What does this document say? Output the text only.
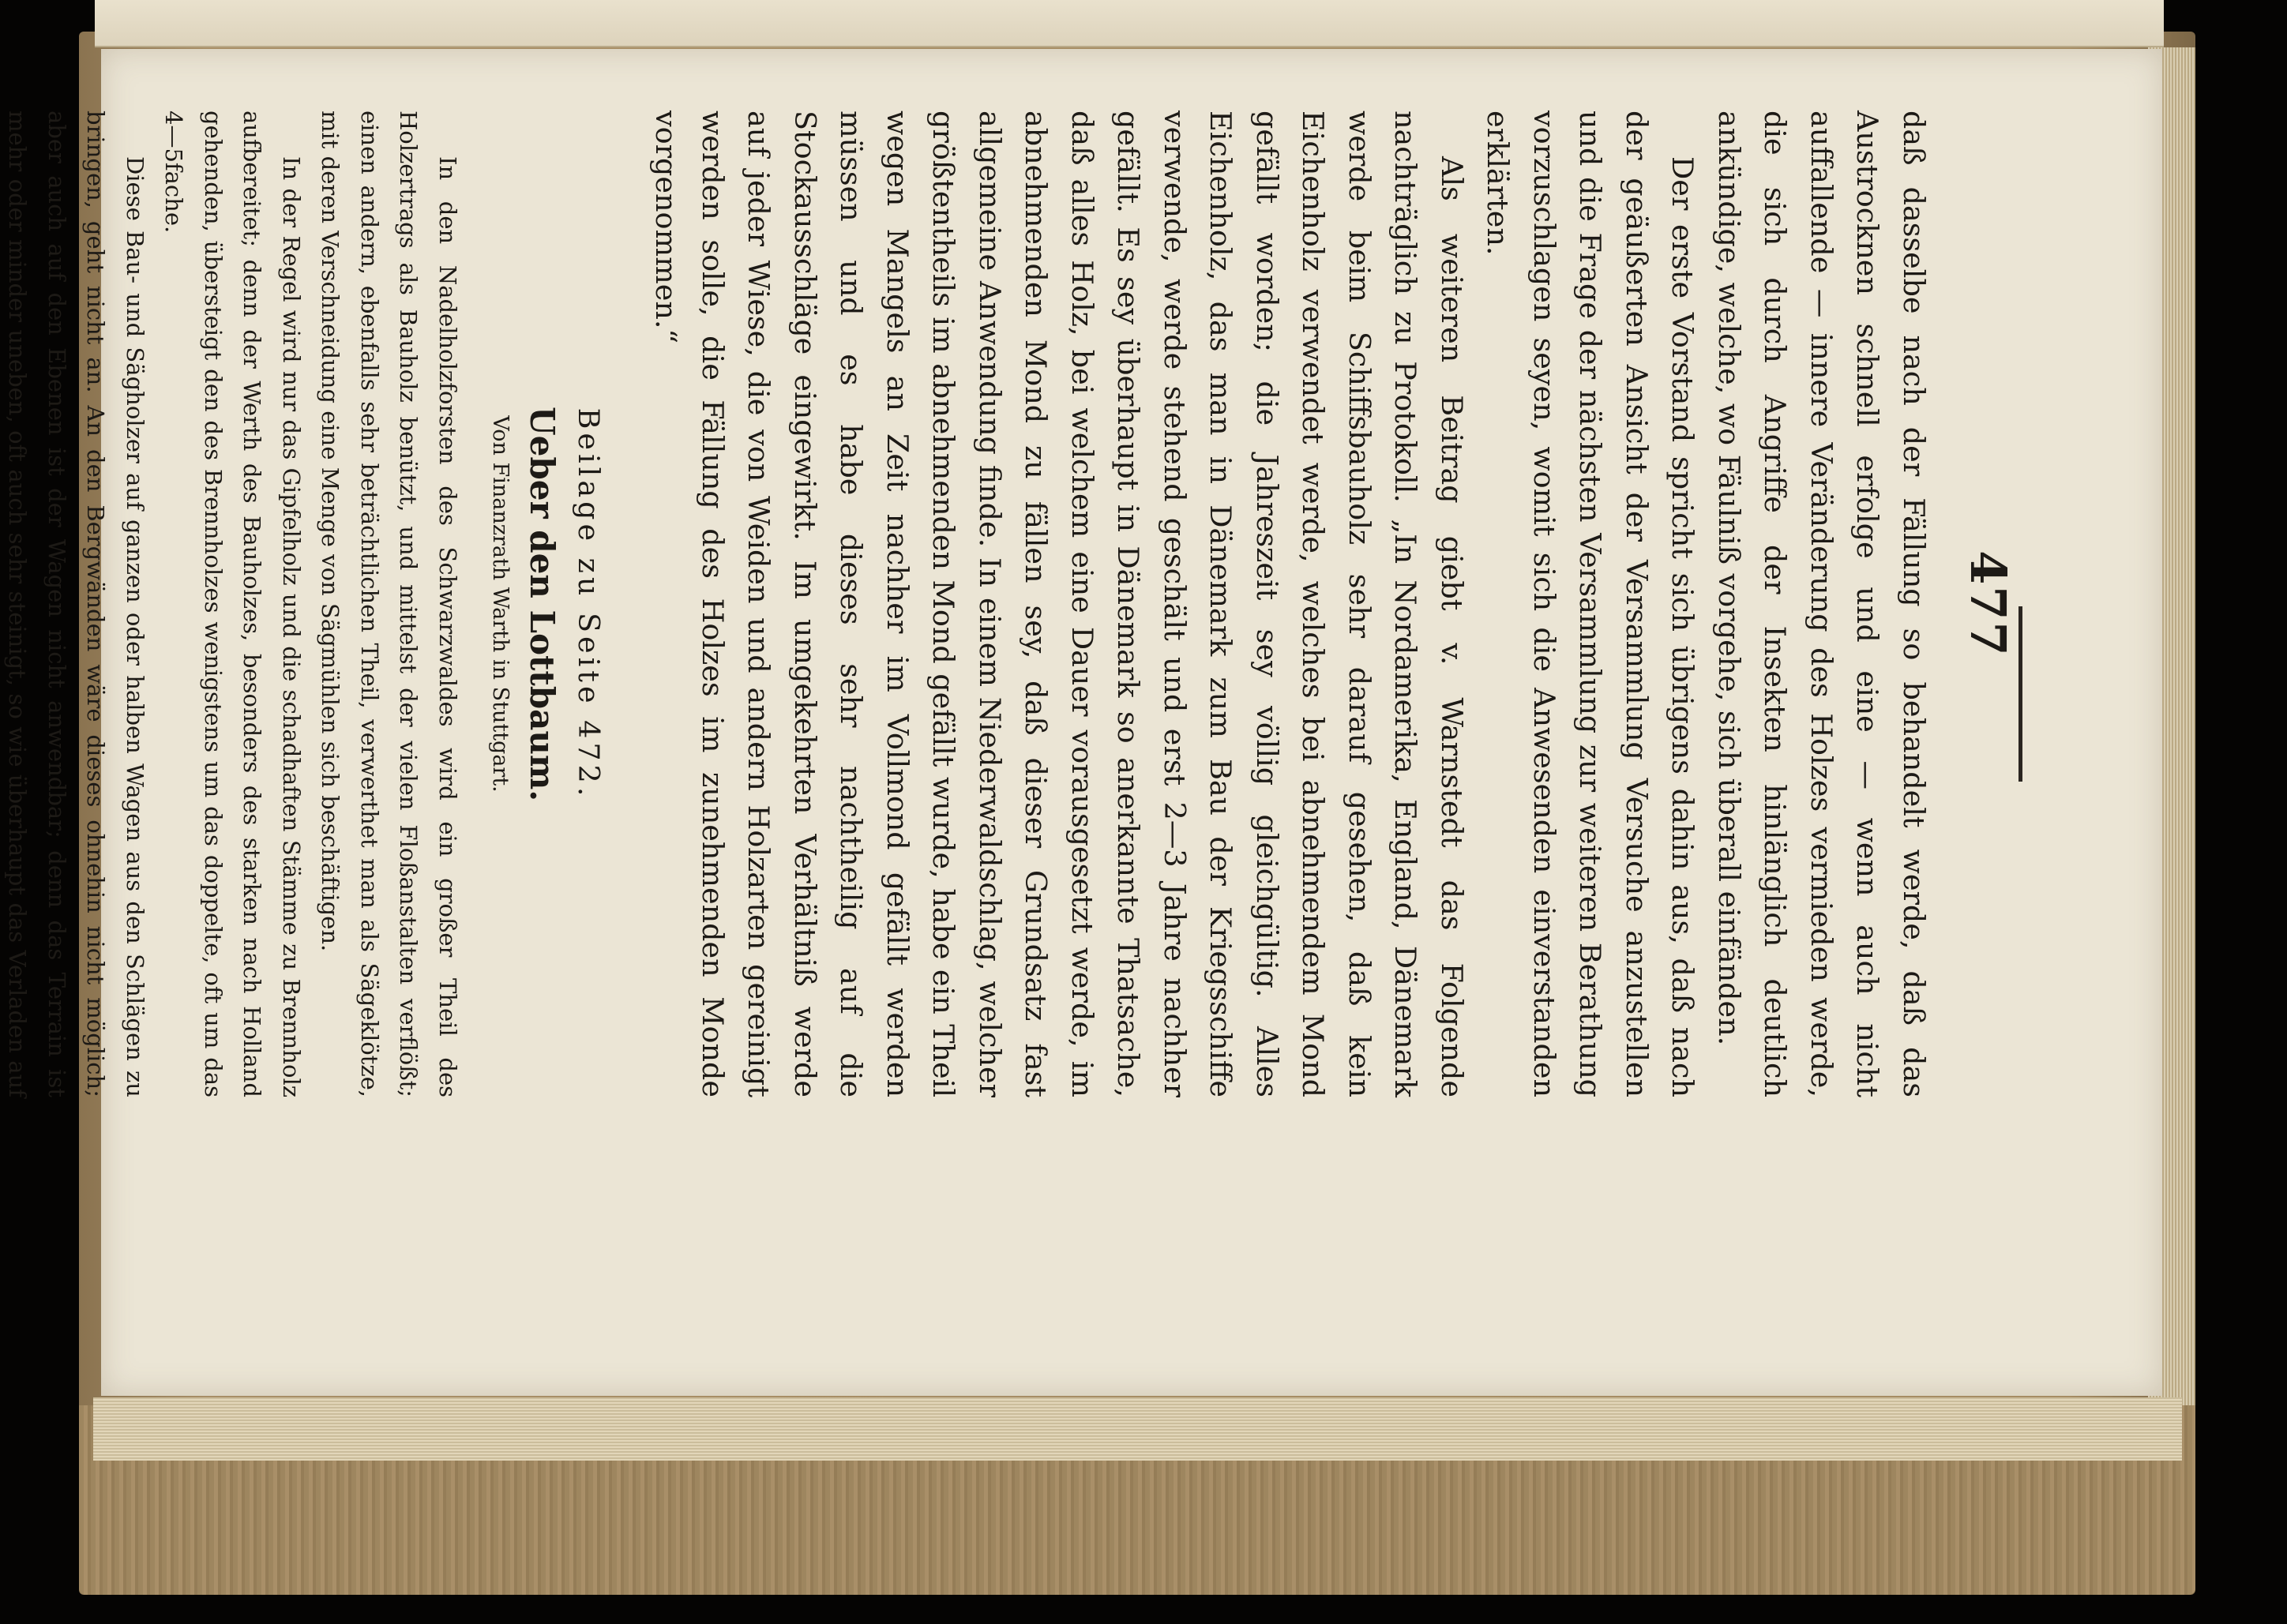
477

daß dasselbe nach der Fällung so behandelt werde, daß das Austrocknen schnell erfolge und eine — wenn auch nicht auffallende — innere Veränderung des Holzes vermieden werde, die sich durch Angriffe der Insekten hinlänglich deutlich ankündige, welche, wo Fäulniß vorgehe, sich überall einfänden.

Der erste Vorstand spricht sich übrigens dahin aus, daß nach der geäußerten Ansicht der Versammlung Versuche anzustellen und die Frage der nächsten Versammlung zur weiteren Berathung vorzuschlagen seyen, womit sich die Anwesenden einverstanden erklärten.

Als weiteren Beitrag giebt v. Warnstedt das Folgende nachträglich zu Protokoll. „In Nordamerika, England, Dänemark werde beim Schiffsbauholz sehr darauf gesehen, daß kein Eichenholz verwendet werde, welches bei abnehmendem Mond gefällt worden; die Jahreszeit sey völlig gleichgültig. Alles Eichenholz, das man in Dänemark zum Bau der Kriegsschiffe verwende, werde stehend geschält und erst 2—3 Jahre nachher gefällt. Es sey überhaupt in Dänemark so anerkannte Thatsache, daß alles Holz, bei welchem eine Dauer vorausgesetzt werde, im abnehmenden Mond zu fällen sey, daß dieser Grundsatz fast allgemeine Anwendung finde. In einem Niederwaldschlag, welcher größtentheils im abnehmenden Mond gefällt wurde, habe ein Theil wegen Mangels an Zeit nachher im Vollmond gefällt werden müssen und es habe dieses sehr nachtheilig auf die Stockausschläge eingewirkt. Im umgekehrten Verhältniß werde auf jeder Wiese, die von Weiden und andern Holzarten gereinigt werden solle, die Fällung des Holzes im zunehmenden Monde vorgenommen.“

Beilage zu Seite 472.

Ueber den Lottbaum.

Von Finanzrath Warth in Stuttgart.

In den Nadelholzforsten des Schwarzwaldes wird ein großer Theil des Holzertrags als Bauholz benützt, und mittelst der vielen Floßanstalten verflößt; einen andern, ebenfalls sehr beträchtlichen Theil, verwerthet man als Sägeklötze, mit deren Verschneidung eine Menge von Sägmühlen sich beschäftigen.

In der Regel wird nur das Gipfelholz und die schadhaften Stämme zu Brennholz aufbereitet; denn der Werth des Bauholzes, besonders des starken nach Holland gehenden, übersteigt den des Brennholzes wenigstens um das doppelte, oft um das 4—5fache.

Diese Bau- und Sägholzer auf ganzen oder halben Wagen aus den Schlägen zu bringen, geht nicht an. An den Bergwänden wäre dieses ohnehin nicht möglich; aber auch auf den Ebenen ist der Wagen nicht anwendbar; denn das Terrain ist mehr oder minder uneben, oft auch sehr steinigt, so wie überhaupt das Verladen auf
